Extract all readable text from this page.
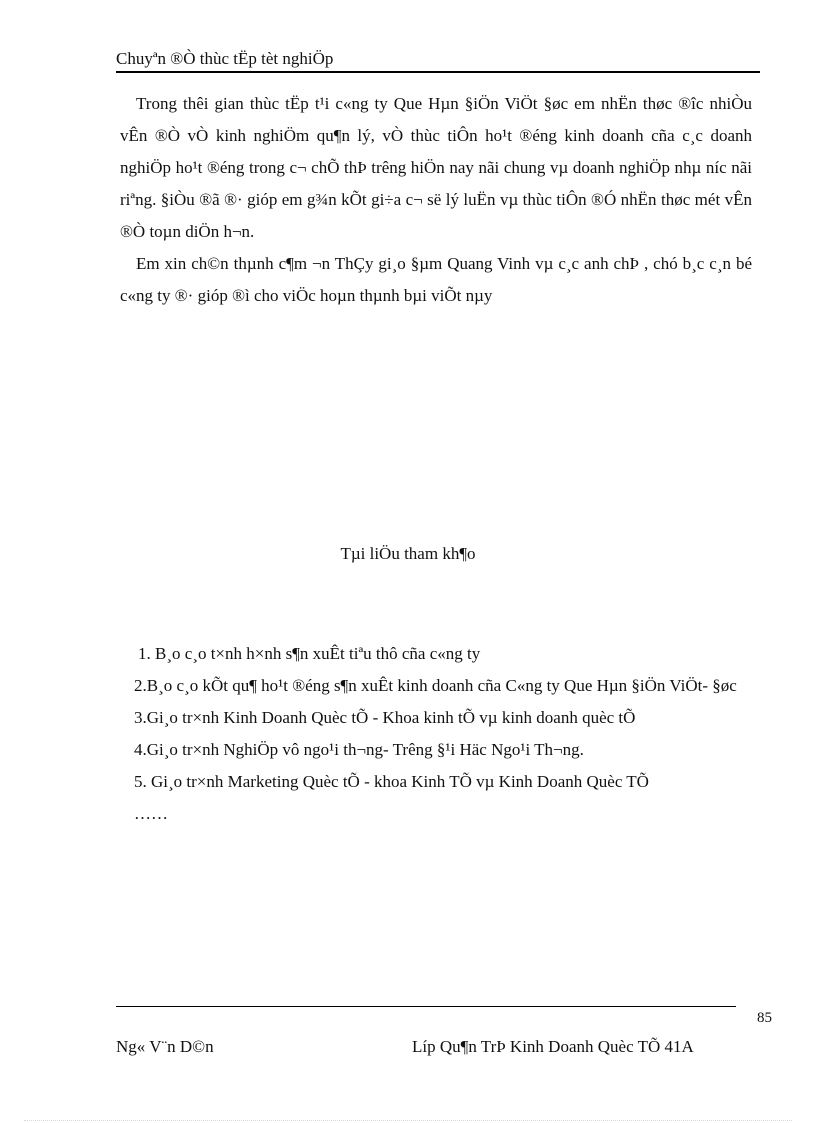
Chuyªn ®Ò thùc tËp tèt nghiÖp

Trong thêi gian thùc tËp t¹i c«ng ty Que Hµn §iÖn ViÖt §øc em nhËn thøc ®îc nhiÒu vÊn ®Ò vÒ kinh nghiÖm qu¶n lý, vÒ thùc tiÔn ho¹t ®éng kinh doanh cña c¸c doanh nghiÖp ho¹t ®éng trong c¬ chÕ thÞ trêng hiÖn nay nãi chung vµ doanh nghiÖp nhµ níc nãi riªng. §iÒu ®ã ®· gióp em g¾n kÕt gi÷a c¬ së lý luËn vµ thùc tiÔn ®Ó nhËn thøc mét vÊn ®Ò toµn diÖn h¬n.

Em xin ch©n thµnh c¶m ¬n ThÇy gi¸o §µm Quang Vinh vµ c¸c anh chÞ , chó b¸c c¸n bé c«ng ty ®· gióp ®ì cho viÖc hoµn thµnh bµi viÕt nµy

Tµi liÖu tham kh¶o

1. B¸o c¸o t×nh h×nh s¶n xuÊt tiªu thô cña c«ng ty

2.B¸o c¸o kÕt qu¶ ho¹t ®éng s¶n xuÊt kinh doanh cña C«ng ty Que Hµn §iÖn ViÖt- §øc

3.Gi¸o tr×nh Kinh Doanh Quèc tÕ - Khoa kinh tÕ vµ kinh doanh quèc tÕ

4.Gi¸o tr×nh NghiÖp vô ngo¹i th¬ng- Trêng §¹i Häc Ngo¹i Th¬ng.

5. Gi¸o tr×nh Marketing Quèc tÕ - khoa Kinh TÕ vµ Kinh Doanh Quèc TÕ

……

85
Ng« V¨n D©n	Líp Qu¶n TrÞ Kinh Doanh Quèc TÕ 41A
